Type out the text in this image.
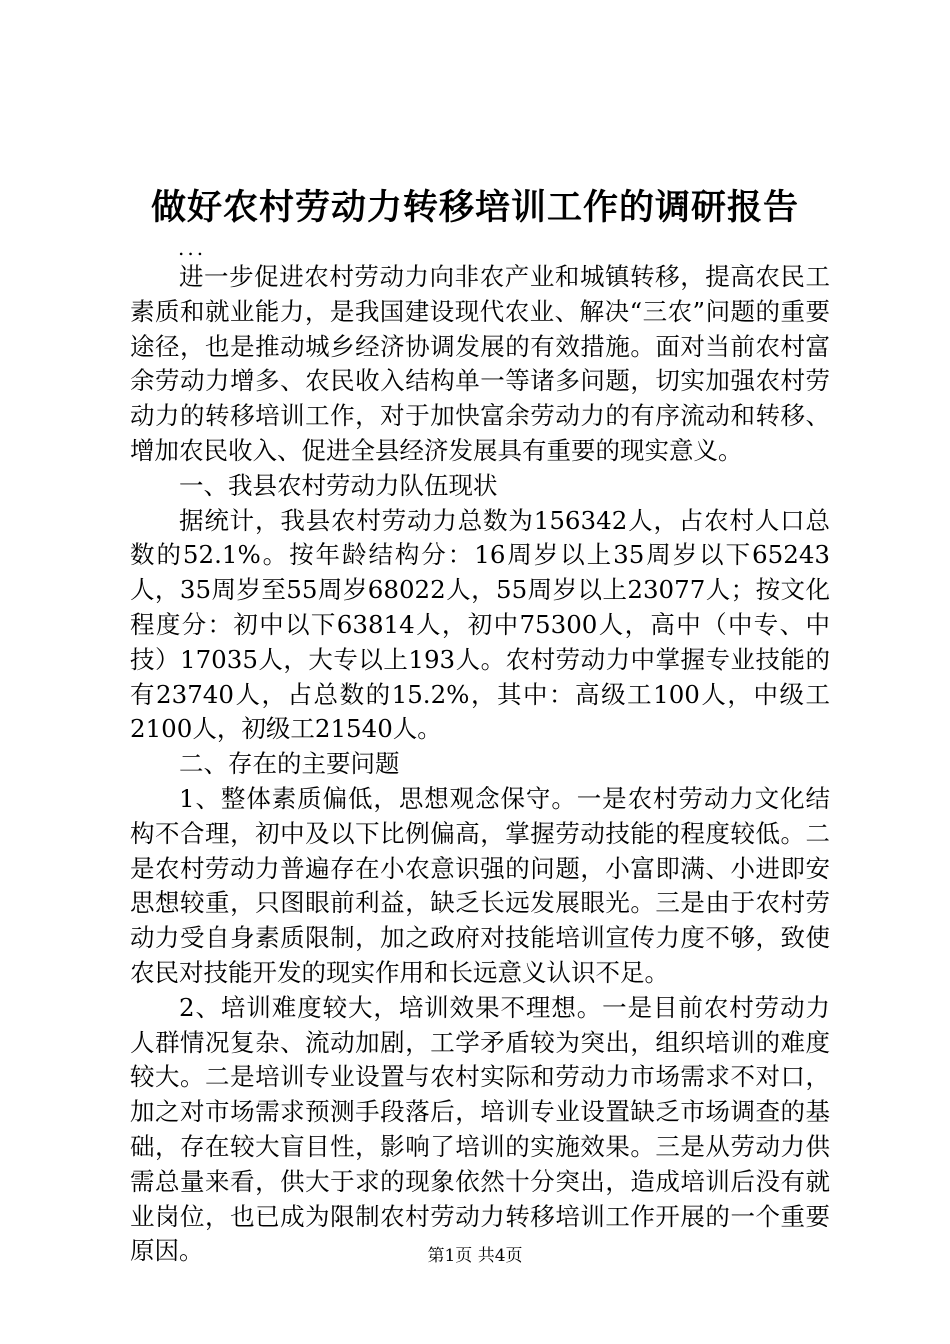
做好农村劳动力转移培训工作的调研报告
...

进一步促进农村劳动力向非农产业和城镇转移，提高农民工素质和就业能力，是我国建设现代农业、解决“三农”问题的重要途径，也是推动城乡经济协调发展的有效措施。面对当前农村富余劳动力增多、农民收入结构单一等诸多问题，切实加强农村劳动力的转移培训工作，对于加快富余劳动力的有序流动和转移、增加农民收入、促进全县经济发展具有重要的现实意义。

一、我县农村劳动力队伍现状

据统计，我县农村劳动力总数为156342人，占农村人口总数的52.1%。按年龄结构分：16周岁以上35周岁以下65243人，35周岁至55周岁68022人，55周岁以上23077人；按文化程度分：初中以下63814人，初中75300人，高中（中专、中技）17035人，大专以上193人。农村劳动力中掌握专业技能的有23740人，占总数的15.2%，其中：高级工100人，中级工2100人，初级工21540人。

二、存在的主要问题

1、整体素质偏低，思想观念保守。一是农村劳动力文化结构不合理，初中及以下比例偏高，掌握劳动技能的程度较低。二是农村劳动力普遍存在小农意识强的问题，小富即满、小进即安思想较重，只图眼前利益，缺乏长远发展眼光。三是由于农村劳动力受自身素质限制，加之政府对技能培训宣传力度不够，致使农民对技能开发的现实作用和长远意义认识不足。

2、培训难度较大，培训效果不理想。一是目前农村劳动力人群情况复杂、流动加剧，工学矛盾较为突出，组织培训的难度较大。二是培训专业设置与农村实际和劳动力市场需求不对口，加之对市场需求预测手段落后，培训专业设置缺乏市场调查的基础，存在较大盲目性，影响了培训的实施效果。三是从劳动力供需总量来看，供大于求的现象依然十分突出，造成培训后没有就业岗位，也已成为限制农村劳动力转移培训工作开展的一个重要原因。	第1页 共4页
